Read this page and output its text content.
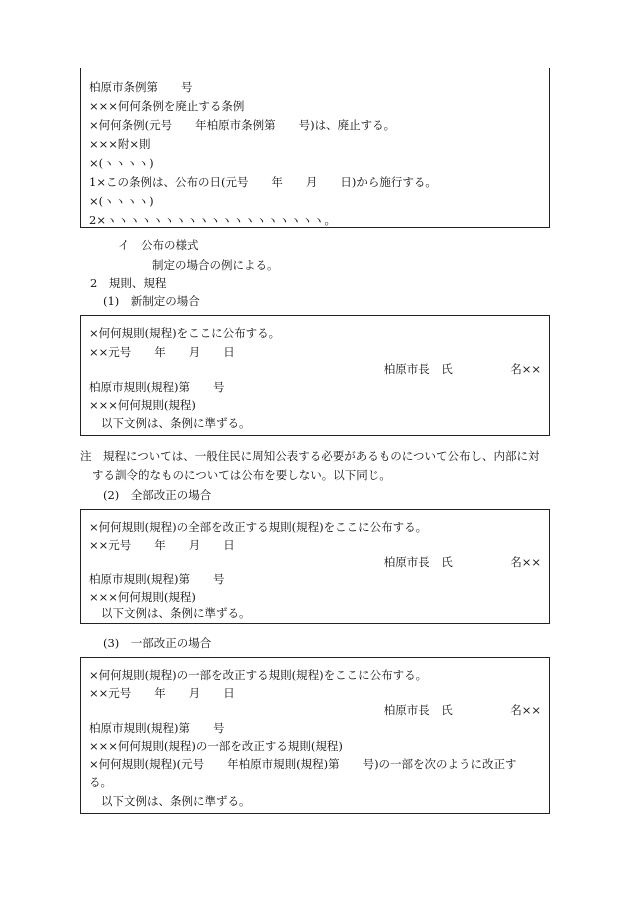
柏原市条例第　　号
×××何何条例を廃止する条例
×何何条例(元号　　年柏原市条例第　　号)は、廃止する。
×××附×則
×(ヽヽヽヽ)
1×この条例は、公布の日(元号　　年　　月　　日)から施行する。
×(ヽヽヽヽ)
2×ヽヽヽヽヽヽヽヽヽヽヽヽヽヽヽヽヽヽヽ。
イ　公布の様式
制定の場合の例による。
2　規則、規程
(1)　新制定の場合
×何何規則(規程)をここに公布する。
××元号　　年　　月　　日
柏原市長　氏　　　　　名××
柏原市規則(規程)第　　号
×××何何規則(規程)
以下文例は、条例に準ずる。
注　規程については、一般住民に周知公表する必要があるものについて公布し、内部に対
する訓令的なものについては公布を要しない。以下同じ。
(2)　全部改正の場合
×何何規則(規程)の全部を改正する規則(規程)をここに公布する。
××元号　　年　　月　　日
柏原市長　氏　　　　　名××
柏原市規則(規程)第　　号
×××何何規則(規程)
以下文例は、条例に準ずる。
(3)　一部改正の場合
×何何規則(規程)の一部を改正する規則(規程)をここに公布する。
××元号　　年　　月　　日
柏原市長　氏　　　　　名××
柏原市規則(規程)第　　号
×××何何規則(規程)の一部を改正する規則(規程)
×何何規則(規程)(元号　　年柏原市規則(規程)第　　号)の一部を次のように改正す
る。
以下文例は、条例に準ずる。
